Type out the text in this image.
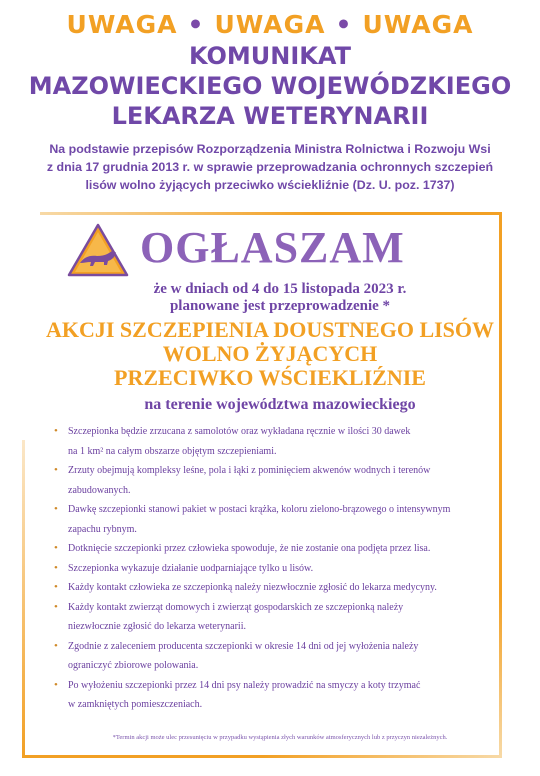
UWAGA • UWAGA • UWAGA
KOMUNIKAT
MAZOWIECKIEGO WOJEWÓDZKIEGO
LEKARZA WETERYNARII
Na podstawie przepisów Rozporządzenia Ministra Rolnictwa i Rozwoju Wsi
z dnia 17 grudnia 2013 r. w sprawie przeprowadzania ochronnych szczepień
lisów wolno żyjących przeciwko wściekliźnie (Dz. U. poz. 1737)
OGŁASZAM
że w dniach od 4 do 15 listopada 2023 r.
planowane jest przeprowadzenie *
AKCJI SZCZEPIENIA DOUSTNEGO LISÓW
WOLNO ŻYJĄCYCH
PRZECIWKO WŚCIEKLIŹNIE
na terenie województwa mazowieckiego
• Szczepionka będzie zrzucana z samolotów oraz wykładana ręcznie w ilości 30 dawek
na 1 km² na całym obszarze objętym szczepieniami.
• Zrzuty obejmują kompleksy leśne, pola i łąki z pominięciem akwenów wodnych i terenów
zabudowanych.
• Dawkę szczepionki stanowi pakiet w postaci krążka, koloru zielono-brązowego o intensywnym
zapachu rybnym.
• Dotknięcie szczepionki przez człowieka spowoduje, że nie zostanie ona podjęta przez lisa.
• Szczepionka wykazuje działanie uodparniające tylko u lisów.
• Każdy kontakt człowieka ze szczepionką należy niezwłocznie zgłosić do lekarza medycyny.
• Każdy kontakt zwierząt domowych i zwierząt gospodarskich ze szczepionką należy
niezwłocznie zgłosić do lekarza weterynarii.
• Zgodnie z zaleceniem producenta szczepionki w okresie 14 dni od jej wyłożenia należy
ograniczyć zbiorowe polowania.
• Po wyłożeniu szczepionki przez 14 dni psy należy prowadzić na smyczy a koty trzymać
w zamkniętych pomieszczeniach.
*Termin akcji może ulec przesunięciu w przypadku wystąpienia złych warunków atmosferycznych lub z przyczyn niezależnych.
